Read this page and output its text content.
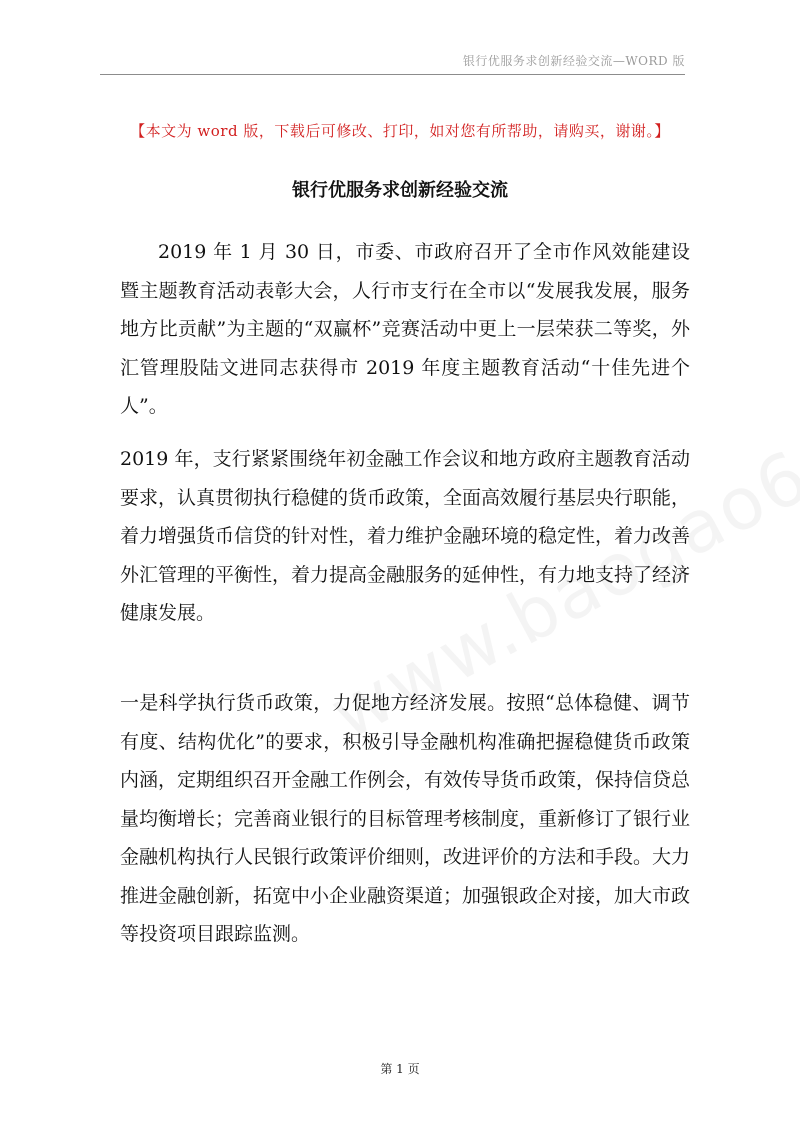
银行优服务求创新经验交流—WORD 版
【本文为 word 版，下载后可修改、打印，如对您有所帮助，请购买，谢谢。】
银行优服务求创新经验交流

2019 年 1 月 30 日，市委、市政府召开了全市作风效能建设暨主题教育活动表彰大会，人行市支行在全市以“发展我发展，服务地方比贡献”为主题的“双赢杯”竞赛活动中更上一层荣获二等奖，外汇管理股陆文进同志获得市 2019 年度主题教育活动“十佳先进个人”。

2019 年，支行紧紧围绕年初金融工作会议和地方政府主题教育活动要求，认真贯彻执行稳健的货币政策，全面高效履行基层央行职能，着力增强货币信贷的针对性，着力维护金融环境的稳定性，着力改善外汇管理的平衡性，着力提高金融服务的延伸性，有力地支持了经济健康发展。

一是科学执行货币政策，力促地方经济发展。按照“总体稳健、调节有度、结构优化”的要求，积极引导金融机构准确把握稳健货币政策内涵，定期组织召开金融工作例会，有效传导货币政策，保持信贷总量均衡增长；完善商业银行的目标管理考核制度，重新修订了银行业金融机构执行人民银行政策评价细则，改进评价的方法和手段。大力推进金融创新，拓宽中小企业融资渠道；加强银政企对接，加大市政等投资项目跟踪监测。

第 1 页
